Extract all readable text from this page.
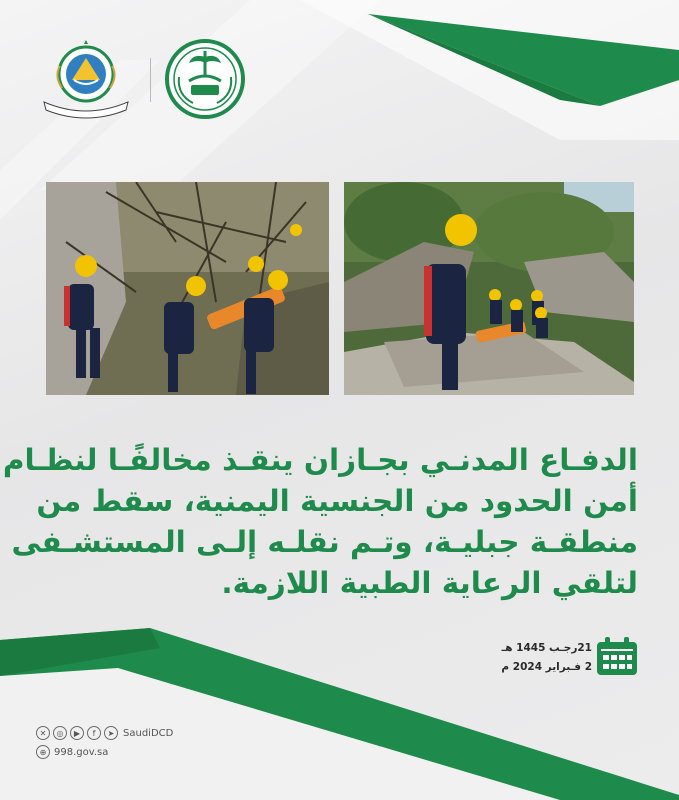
الدفـاع المدنـي بجـازان ينقـذ مخالفًـا لنظـام
أمن الحدود من الجنسية اليمنية، سقط من
منطقـة جبليـة، وتـم نقلـه إلـى المستشـفى
لتلقي الرعاية الطبية اللازمة.
21رجـب 1445 هـ
2 فـبراير 2024 م
✕	◎	▶	f	➤ SaudiDCD
⊕ 998.gov.sa
